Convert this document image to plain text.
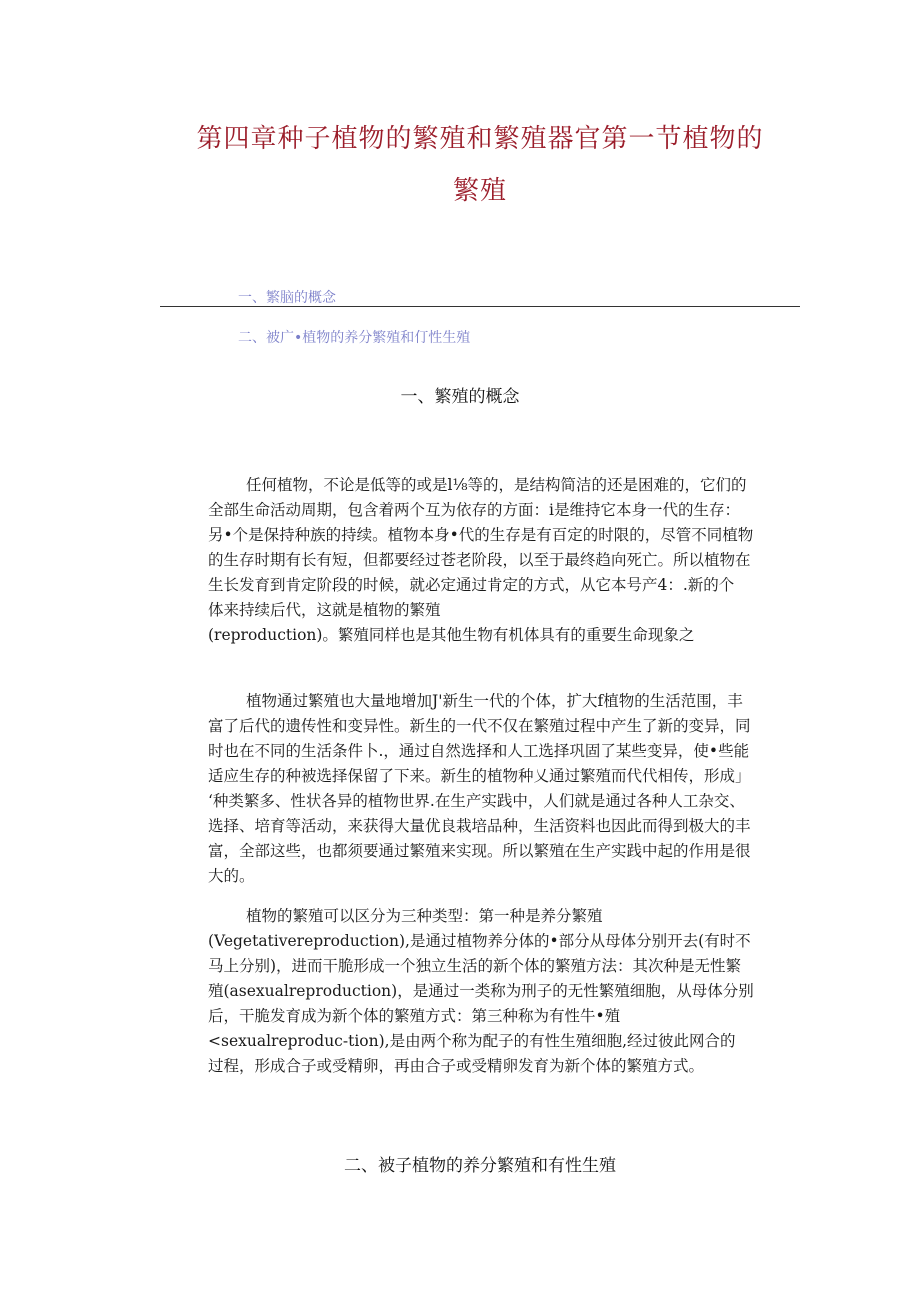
第四章种子植物的繁殖和繁殖器官第一节植物的
繁殖
一、繁脑的概念
二、被广•植物的养分繁殖和仃性生殖
一、繁殖的概念
任何植物，不论是低等的或是l⅛等的，是结构简洁的还是困难的，它们的
全部生命活动周期，包含着两个互为依存的方面：i是维持它本身一代的生存：
另•个是保持种族的持续。植物本身•代的生存是有百定的时限的，尽管不同植物
的生存时期有长有短，但都要经过苍老阶段，以至于最终趋向死亡。所以植物在
生长发育到肯定阶段的时候，就必定通过肯定的方式，从它本号产4：.新的个
体来持续后代，这就是植物的繁殖
(reproduction)。繁殖同样也是其他生物有机体具有的重要生命现象之
植物通过繁殖也大量地增加J'新生一代的个体，扩大f植物的生活范围，丰
富了后代的遗传性和变异性。新生的一代不仅在繁殖过程中产生了新的变异，同
时也在不同的生活条件卜.，通过自然选择和人工选择巩固了某些变异，使•些能
适应生存的种被选择保留了下来。新生的植物种乂通过繁殖而代代相传，形成」
‘种类繁多、性状各异的植物世界.在生产实践中，人们就是通过各种人工杂交、
选择、培育等活动，来获得大量优良栽培品种，生活资料也因此而得到极大的丰
富，全部这些，也都须要通过繁殖来实现。所以繁殖在生产实践中起的作用是很
大的。
植物的繁殖可以区分为三种类型：第一种是养分繁殖
(Vegetativereproduction),是通过植物养分体的•部分从母体分别开去(有时不
马上分别)，进而干脆形成一个独立生活的新个体的繁殖方法：其次种是无性繁
殖(asexualreproduction)，是通过一类称为刑子的无性繁殖细胞，从母体分别
后，干脆发育成为新个体的繁殖方式：第三种称为有性牛•殖
<sexualreproduc-tion),是由两个称为配子的有性生殖细胞,经过彼此网合的
过程，形成合子或受精卵，再由合子或受精卵发育为新个体的繁殖方式。
二、被子植物的养分繁殖和有性生殖
